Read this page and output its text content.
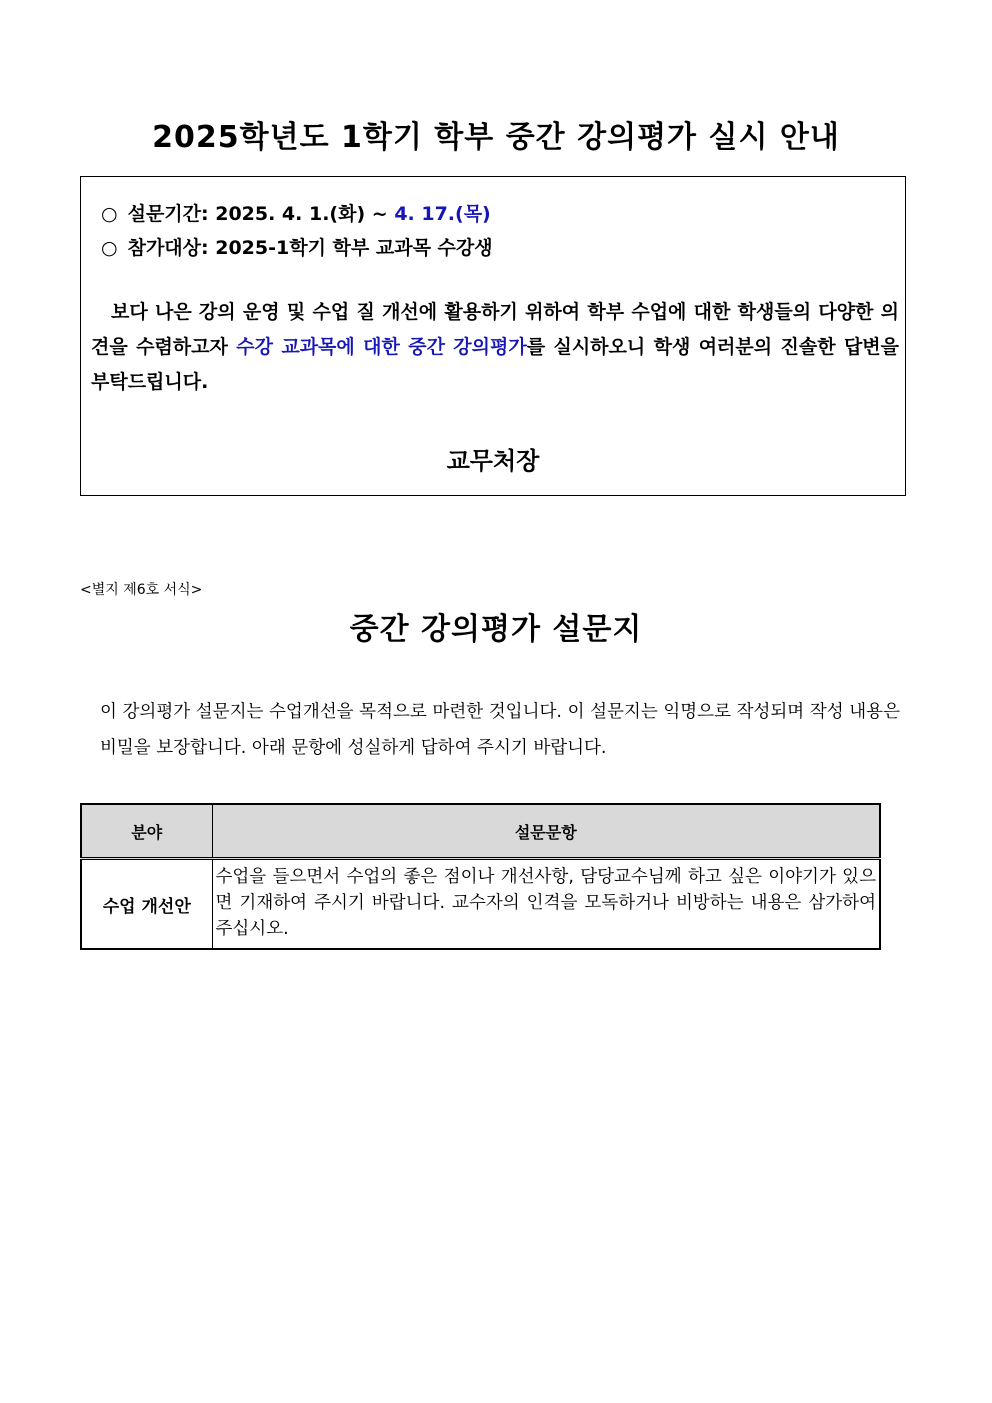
2025학년도 1학기 학부 중간 강의평가 실시 안내
○ 설문기간: 2025. 4. 1.(화) ~ 4. 17.(목)
○ 참가대상: 2025-1학기 학부 교과목 수강생

보다 나은 강의 운영 및 수업 질 개선에 활용하기 위하여 학부 수업에 대한 학생들의 다양한 의견을 수렴하고자 수강 교과목에 대한 중간 강의평가를 실시하오니 학생 여러분의 진솔한 답변을 부탁드립니다.

교무처장

<별지 제6호 서식>
중간 강의평가 설문지

이 강의평가 설문지는 수업개선을 목적으로 마련한 것입니다. 이 설문지는 익명으로 작성되며 작성 내용은 비밀을 보장합니다. 아래 문항에 성실하게 답하여 주시기 바랍니다.

분야	설문문항
수업 개선안	수업을 들으면서 수업의 좋은 점이나 개선사항, 담당교수님께 하고 싶은 이야기가 있으면 기재하여 주시기 바랍니다. 교수자의 인격을 모독하거나 비방하는 내용은 삼가하여 주십시오.
